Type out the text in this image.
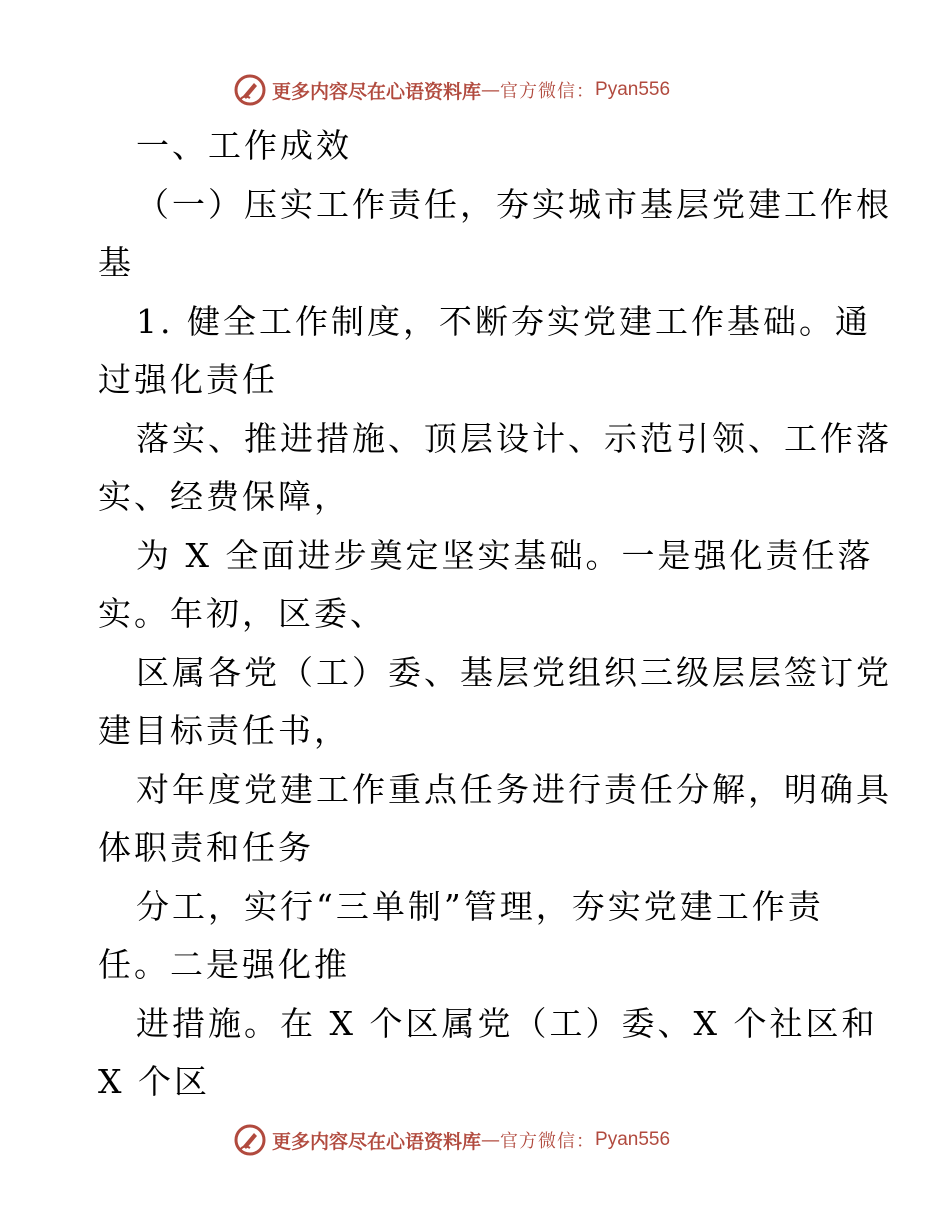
更多内容尽在心语资料库 — 官方微信： Pyan556
一、工作成效
（一）压实工作责任，夯实城市基层党建工作根
基
1. 健全工作制度，不断夯实党建工作基础。通
过强化责任
落实、推进措施、顶层设计、示范引领、工作落
实、经费保障，
为 X 全面进步奠定坚实基础。一是强化责任落
实。年初，区委、
区属各党（工）委、基层党组织三级层层签订党
建目标责任书，
对年度党建工作重点任务进行责任分解，明确具
体职责和任务
分工，实行“三单制”管理，夯实党建工作责
任。二是强化推
进措施。在 X 个区属党（工）委、X 个社区和
X 个区
更多内容尽在心语资料库 — 官方微信： Pyan556
